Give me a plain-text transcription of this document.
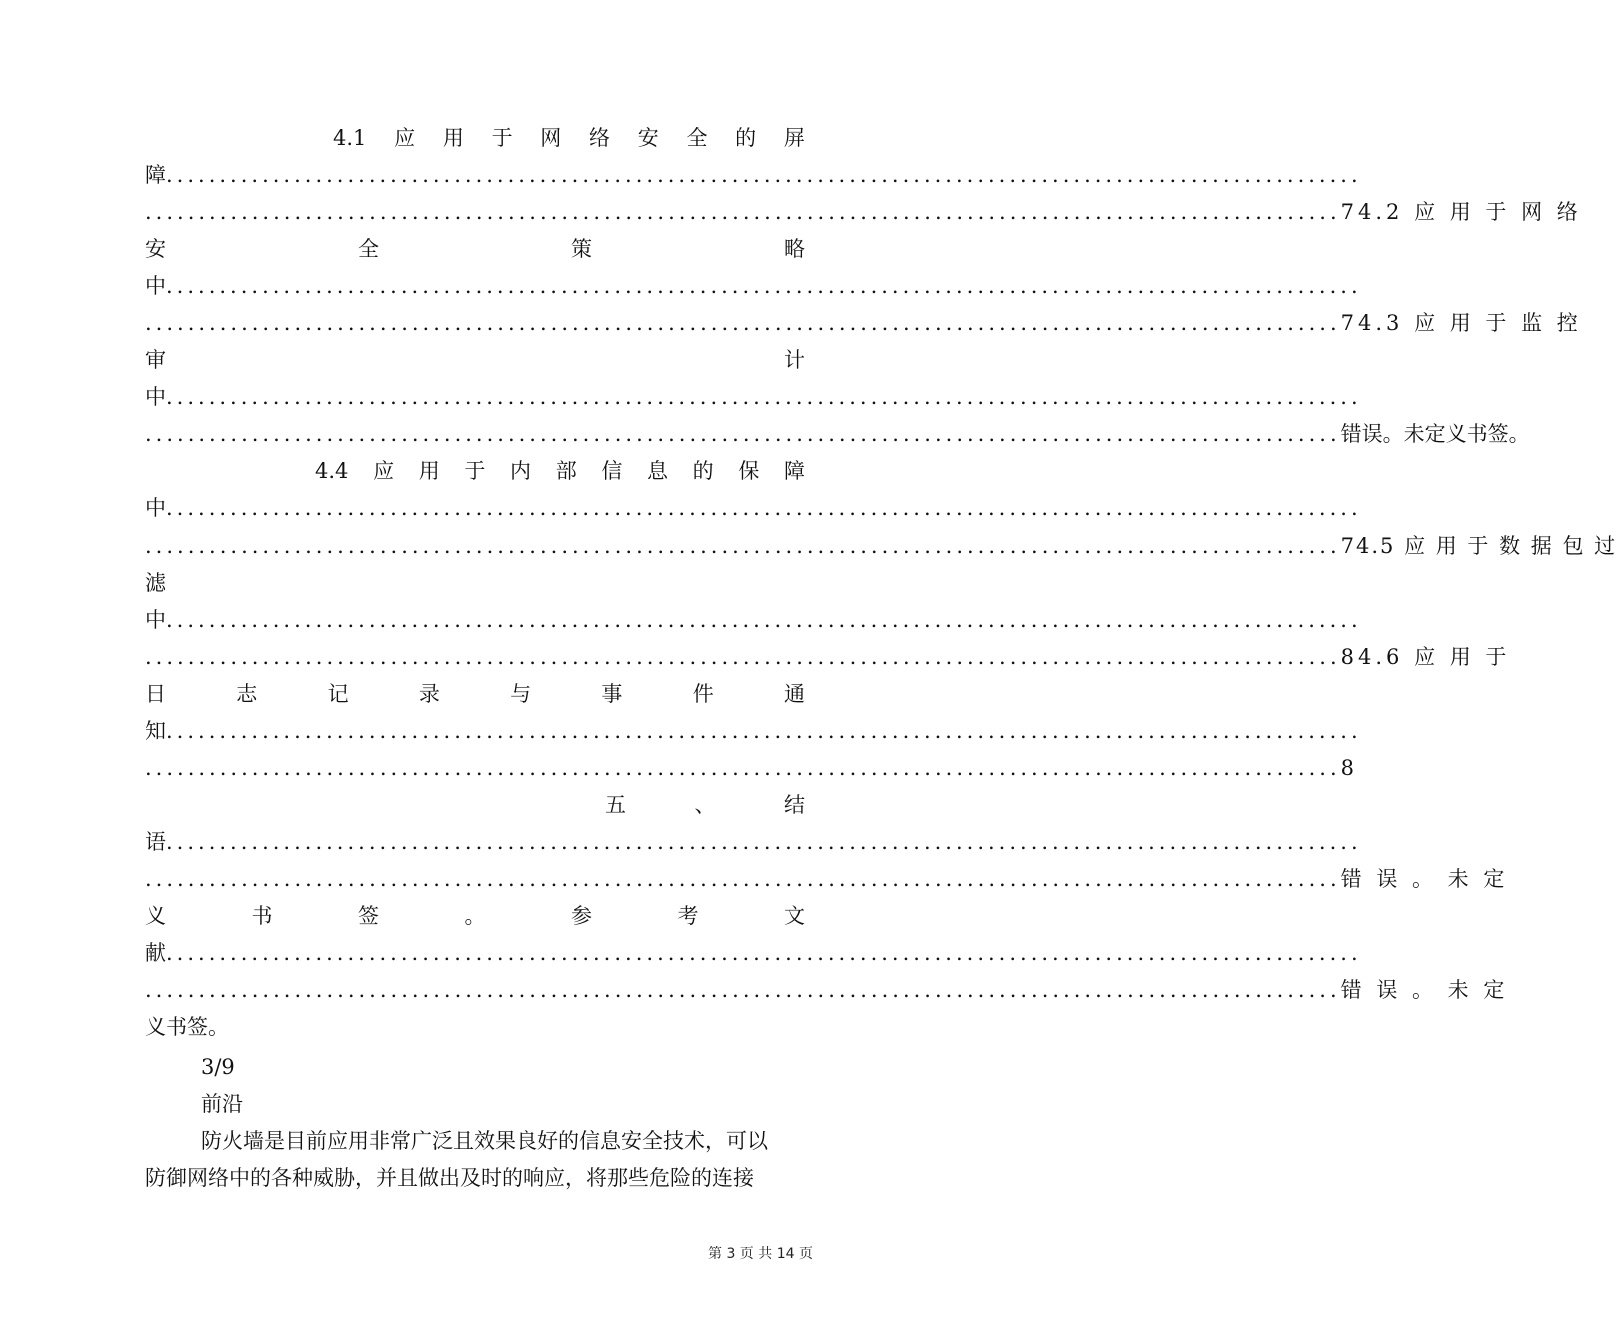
4.1 应 用 于 网 络 安 全 的 屏
障 ................................................................................................................
................................................................................................................ 74.2 应 用 于 网 络
安	全	策	略
中 ................................................................................................................
................................................................................................................ 74.3 应 用 于 监 控
审	计
中 ................................................................................................................
................................................................................................................ 错误。未定义书签。
4.4 应 用 于 内 部 信 息 的 保 障
中 ................................................................................................................
................................................................................................................ 74.5 应 用 于 数 据 包 过
滤
中 ................................................................................................................
................................................................................................................ 84.6 应 用 于
日	志	记	录	与	事	件	通
知 ................................................................................................................
................................................................................................................ 8
五	、	结
语 ................................................................................................................
................................................................................................................ 错 误 。 未 定
义	书	签	。	参	考	文
献 ................................................................................................................
................................................................................................................ 错 误 。 未 定
义书签。
3/9
前沿
防火墙是目前应用非常广泛且效果良好的信息安全技术，可以
防御网络中的各种威胁，并且做出及时的响应，将那些危险的连接
第 3 页 共 14 页
